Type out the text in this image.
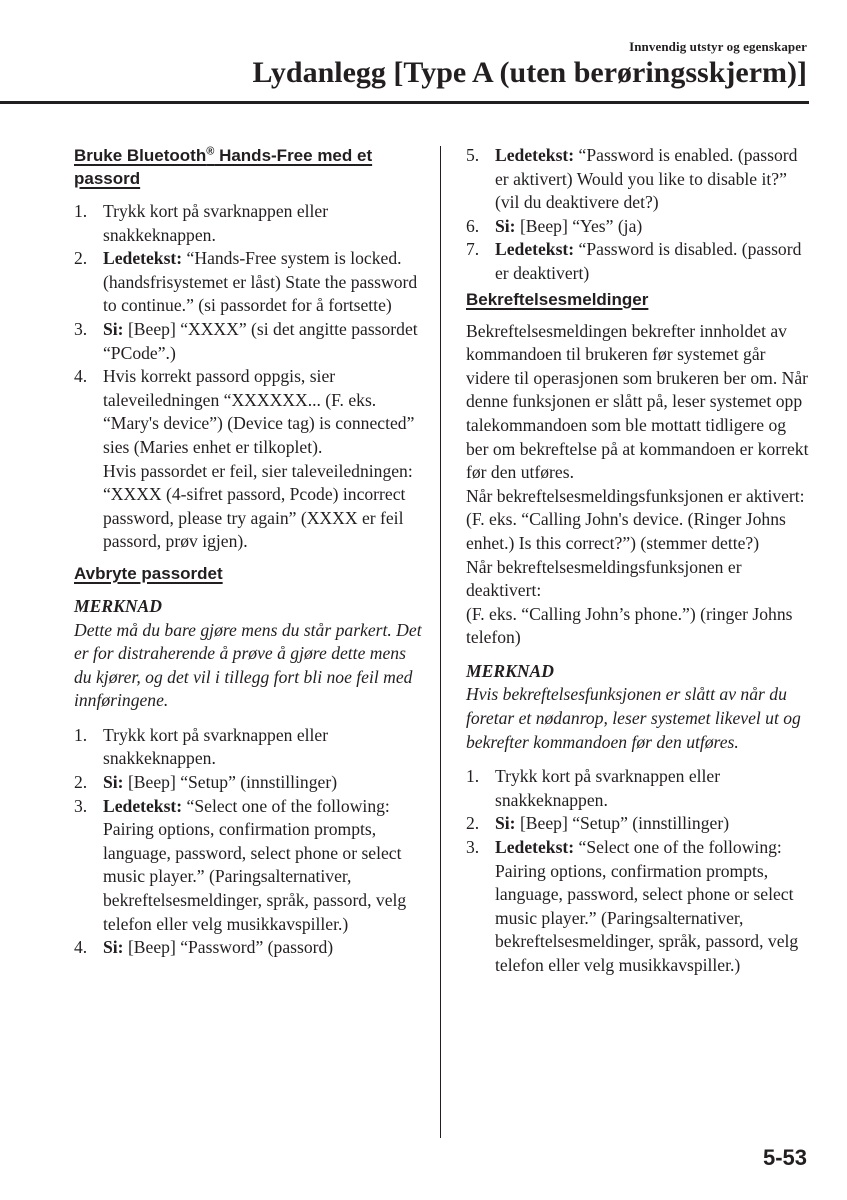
Innvendig utstyr og egenskaper
Lydanlegg [Type A (uten berøringsskjerm)]
Bruke Bluetooth® Hands-Free med et passord
1. Trykk kort på svarknappen eller snakkeknappen.
2. Ledetekst: “Hands-Free system is locked. (handsfrisystemet er låst) State the password to continue.” (si passordet for å fortsette)
3. Si: [Beep] “XXXX” (si det angitte passordet “PCode”.)
4. Hvis korrekt passord oppgis, sier taleveiledningen “XXXXXX... (F. eks. “Mary's device”) (Device tag) is connected” sies (Maries enhet er tilkoplet).
Hvis passordet er feil, sier taleveiledningen: “XXXX (4-sifret passord, Pcode) incorrect password, please try again” (XXXX er feil passord, prøv igjen).
Avbryte passordet
MERKNAD
Dette må du bare gjøre mens du står parkert. Det er for distraherende å prøve å gjøre dette mens du kjører, og det vil i tillegg fort bli noe feil med innføringene.
1. Trykk kort på svarknappen eller snakkeknappen.
2. Si: [Beep] “Setup” (innstillinger)
3. Ledetekst: “Select one of the following: Pairing options, confirmation prompts, language, password, select phone or select music player.” (Paringsalternativer, bekreftelsesmeldinger, språk, passord, velg telefon eller velg musikkavspiller.)
4. Si: [Beep] “Password” (passord)
5. Ledetekst: “Password is enabled. (passord er aktivert) Would you like to disable it?” (vil du deaktivere det?)
6. Si: [Beep] “Yes” (ja)
7. Ledetekst: “Password is disabled. (passord er deaktivert)
Bekreftelsesmeldinger

Bekreftelsesmeldingen bekrefter innholdet av kommandoen til brukeren før systemet går videre til operasjonen som brukeren ber om. Når denne funksjonen er slått på, leser systemet opp talekommandoen som ble mottatt tidligere og ber om bekreftelse på at kommandoen er korrekt før den utføres.

Når bekreftelsesmeldingsfunksjonen er aktivert:

(F. eks. “Calling John's device. (Ringer Johns enhet.) Is this correct?”) (stemmer dette?)

Når bekreftelsesmeldingsfunksjonen er deaktivert:

(F. eks. “Calling John’s phone.”) (ringer Johns telefon)

MERKNAD
Hvis bekreftelsesfunksjonen er slått av når du foretar et nødanrop, leser systemet likevel ut og bekrefter kommandoen før den utføres.
1. Trykk kort på svarknappen eller snakkeknappen.
2. Si: [Beep] “Setup” (innstillinger)
3. Ledetekst: “Select one of the following: Pairing options, confirmation prompts, language, password, select phone or select music player.” (Paringsalternativer, bekreftelsesmeldinger, språk, passord, velg telefon eller velg musikkavspiller.)
5-53
